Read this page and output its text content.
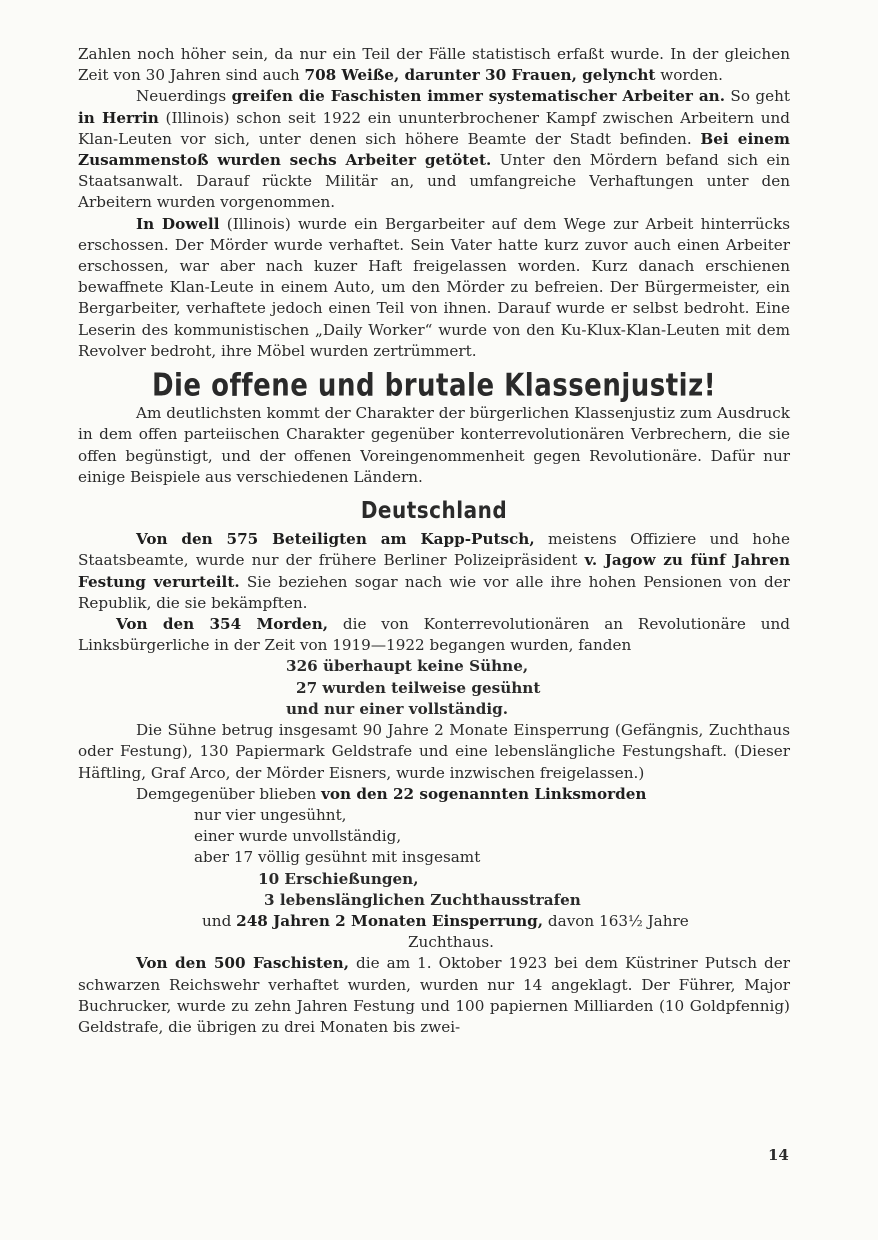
Zahlen noch höher sein, da nur ein Teil der Fälle statistisch erfaßt wurde. In der gleichen Zeit von 30 Jahren sind auch 708 Weiße, darunter 30 Frauen, gelyncht worden.

Neuerdings greifen die Faschisten immer systematischer Arbeiter an. So geht in Herrin (Illinois) schon seit 1922 ein ununterbrochener Kampf zwischen Arbeitern und Klan-Leuten vor sich, unter denen sich höhere Beamte der Stadt befinden. Bei einem Zusammenstoß wurden sechs Arbeiter getötet. Unter den Mördern befand sich ein Staatsanwalt. Darauf rückte Militär an, und umfangreiche Verhaftungen unter den Arbeitern wurden vorgenommen.

In Dowell (Illinois) wurde ein Bergarbeiter auf dem Wege zur Arbeit hinterrücks erschossen. Der Mörder wurde verhaftet. Sein Vater hatte kurz zuvor auch einen Arbeiter erschossen, war aber nach kuzer Haft freigelassen worden. Kurz danach erschienen bewaffnete Klan-Leute in einem Auto, um den Mörder zu befreien. Der Bürgermeister, ein Bergarbeiter, verhaftete jedoch einen Teil von ihnen. Darauf wurde er selbst bedroht. Eine Leserin des kommunistischen „Daily Worker“ wurde von den Ku-Klux-Klan-Leuten mit dem Revolver bedroht, ihre Möbel wurden zertrümmert.

Die offene und brutale Klassenjustiz!

Am deutlichsten kommt der Charakter der bürgerlichen Klassenjustiz zum Ausdruck in dem offen parteiischen Charakter gegenüber konterrevolutionären Verbrechern, die sie offen begünstigt, und der offenen Voreingenommenheit gegen Revolutionäre. Dafür nur einige Beispiele aus verschiedenen Ländern.

Deutschland

Von den 575 Beteiligten am Kapp-Putsch, meistens Offiziere und hohe Staatsbeamte, wurde nur der frühere Berliner Polizeipräsident v. Jagow zu fünf Jahren Festung verurteilt. Sie beziehen sogar nach wie vor alle ihre hohen Pensionen von der Republik, die sie bekämpften.

Von den 354 Morden, die von Konterrevolutionären an Revolutionäre und Linksbürgerliche in der Zeit von 1919—1922 begangen wurden, fanden

326 überhaupt keine Sühne,
27 wurden teilweise gesühnt
und nur einer vollständig.

Die Sühne betrug insgesamt 90 Jahre 2 Monate Einsperrung (Gefängnis, Zuchthaus oder Festung), 130 Papiermark Geldstrafe und eine lebenslängliche Festungshaft. (Dieser Häftling, Graf Arco, der Mörder Eisners, wurde inzwischen freigelassen.)

Demgegenüber blieben von den 22 sogenannten Linksmorden

nur vier ungesühnt,
einer wurde unvollständig,
aber 17 völlig gesühnt mit insgesamt
10 Erschießungen,
3 lebenslänglichen Zuchthausstrafen
und 248 Jahren 2 Monaten Einsperrung, davon 163½ Jahre
Zuchthaus.

Von den 500 Faschisten, die am 1. Oktober 1923 bei dem Küstriner Putsch der schwarzen Reichswehr verhaftet wurden, wurden nur 14 angeklagt. Der Führer, Major Buchrucker, wurde zu zehn Jahren Festung und 100 papiernen Milliarden (10 Goldpfennig) Geldstrafe, die übrigen zu drei Monaten bis zwei-

14
